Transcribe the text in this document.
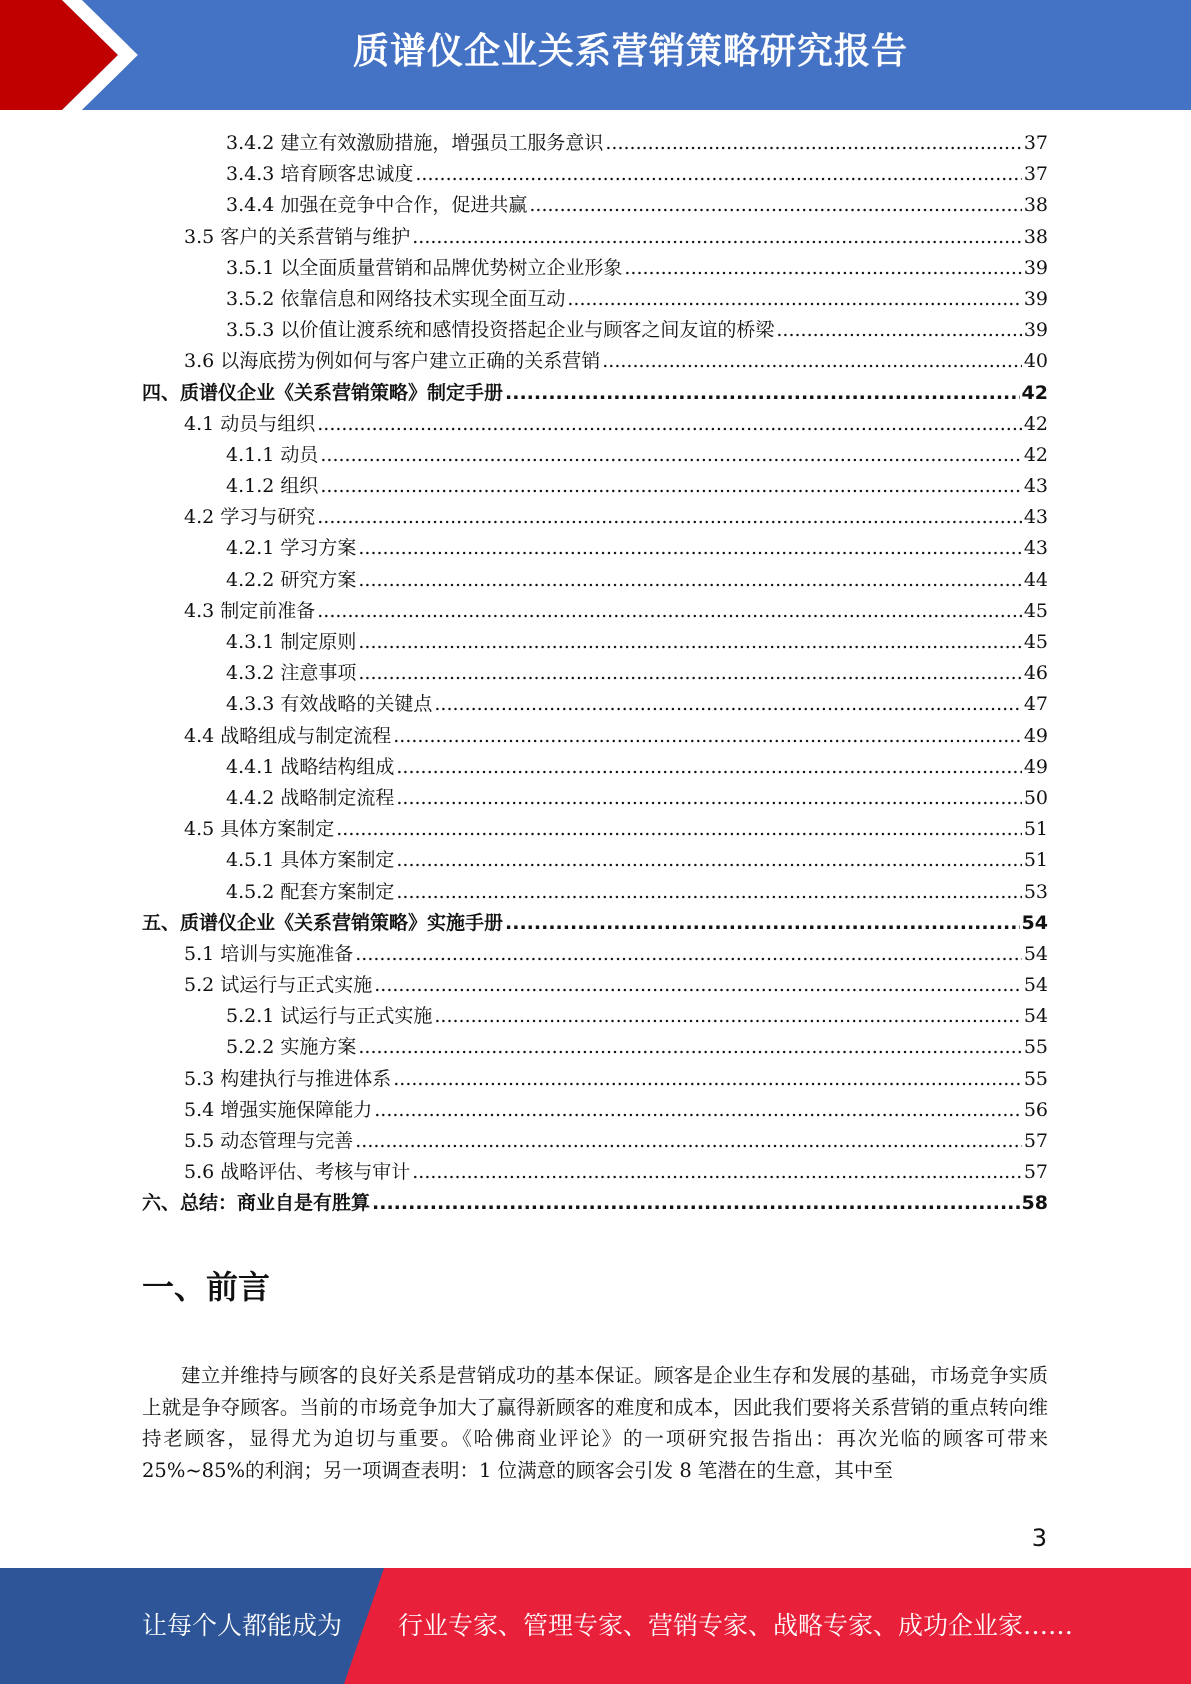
质谱仪企业关系营销策略研究报告
3.4.2 建立有效激励措施，增强员工服务意识 .....	37
3.4.3 培育顾客忠诚度 .....	37
3.4.4 加强在竞争中合作，促进共赢 .....	38
3.5 客户的关系营销与维护 .....	38
3.5.1 以全面质量营销和品牌优势树立企业形象 .....	39
3.5.2 依靠信息和网络技术实现全面互动 .....	39
3.5.3 以价值让渡系统和感情投资搭起企业与顾客之间友谊的桥梁 .....	39
3.6 以海底捞为例如何与客户建立正确的关系营销 .....	40
四、质谱仪企业《关系营销策略》制定手册 .....	42
4.1 动员与组织 .....	42
4.1.1 动员 .....	42
4.1.2 组织 .....	43
4.2 学习与研究 .....	43
4.2.1 学习方案 .....	43
4.2.2 研究方案 .....	44
4.3 制定前准备 .....	45
4.3.1 制定原则 .....	45
4.3.2 注意事项 .....	46
4.3.3 有效战略的关键点 .....	47
4.4 战略组成与制定流程 .....	49
4.4.1 战略结构组成 .....	49
4.4.2 战略制定流程 .....	50
4.5 具体方案制定 .....	51
4.5.1 具体方案制定 .....	51
4.5.2 配套方案制定 .....	53
五、质谱仪企业《关系营销策略》实施手册 .....	54
5.1 培训与实施准备 .....	54
5.2 试运行与正式实施 .....	54
5.2.1 试运行与正式实施 .....	54
5.2.2 实施方案 .....	55
5.3 构建执行与推进体系 .....	55
5.4 增强实施保障能力 .....	56
5.5 动态管理与完善 .....	57
5.6 战略评估、考核与审计 .....	57
六、总结：商业自是有胜算 .....	58
一、前言

建立并维持与顾客的良好关系是营销成功的基本保证。顾客是企业生存和发展的基础，市场竞争实质上就是争夺顾客。当前的市场竞争加大了赢得新顾客的难度和成本，因此我们要将关系营销的重点转向维持老顾客，显得尤为迫切与重要。《哈佛商业评论》的一项研究报告指出：再次光临的顾客可带来 25%~85%的利润；另一项调查表明：1 位满意的顾客会引发 8 笔潜在的生意，其中至

3
让每个人都能成为 行业专家、管理专家、营销专家、战略专家、成功企业家……
